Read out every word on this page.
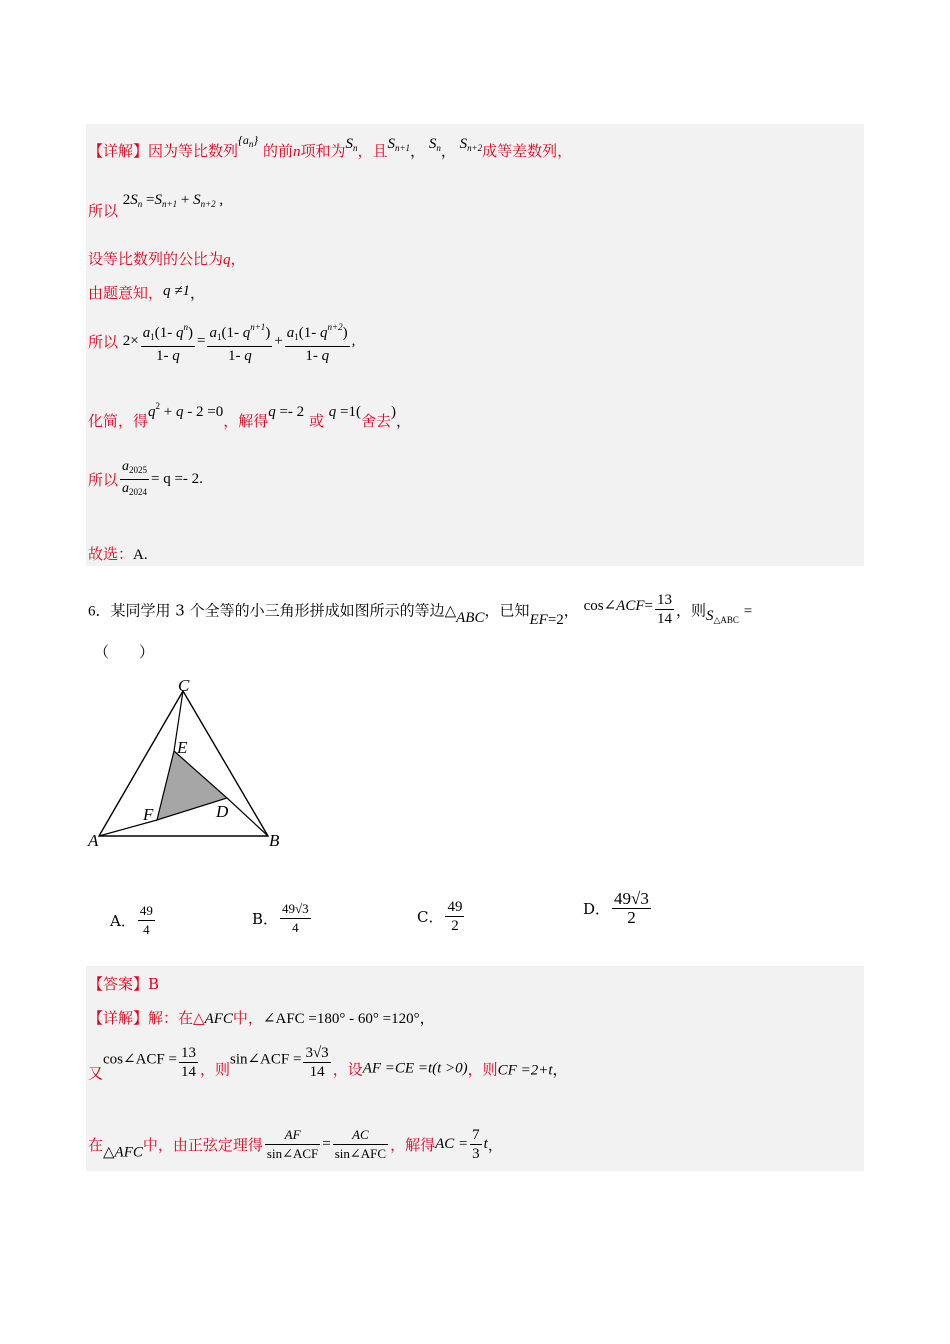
【详解】因为等比数列$^{\{a_n\}}$ 的前n项和为$S_n$，且$S_{n+1}$， $S_n$， $S_{n+2}$成等差数列，
所以 $2S_n =S_{n+1} + S_{n+2}$ ,
设等比数列的公比为q，
由题意知，q ≠1，
所以 $2\times \frac{a_1(1- q^n)}{1- q} = \frac{a_1(1- q^{n+1})}{1- q} + \frac{a_1(1- q^{n+2})}{1- q}$ ,
化简，得$q^2 + q - 2 =0$，解得q =- 2 或 q =1(舍去)，
所以 $\frac{a_{2025}}{a_{2024}} = q =- 2$.
故选：A.
6．某同学用 3 个全等的小三角形拼成如图所示的等边△ABC，已知EF=2， cos∠ACF= $\frac{13}{14}$ ，则$S_{\triangle ABC}$ =
（　　）
C
E
F	D
A	B
A． $\frac{49}{4}$	B． $\frac{49√3}{4}$	C． $\frac{49}{2}$	D． $\frac{49√3}{2}$
【答案】B
【详解】解：在△AFC中，∠AFC =180° - 60° =120°，
又cos∠ACF = $\frac{13}{14}$ ，则sin∠ACF = $\frac{3√3}{14}$ ，设AF =CE =t(t >0)，则CF =2+t，
在△AFC中，由正弦定理得 $\frac{AF}{\text{sin∠ACF}} = \frac{AC}{\text{sin∠AFC}}$ ，解得AC = $\frac{7}{3}$ t，
